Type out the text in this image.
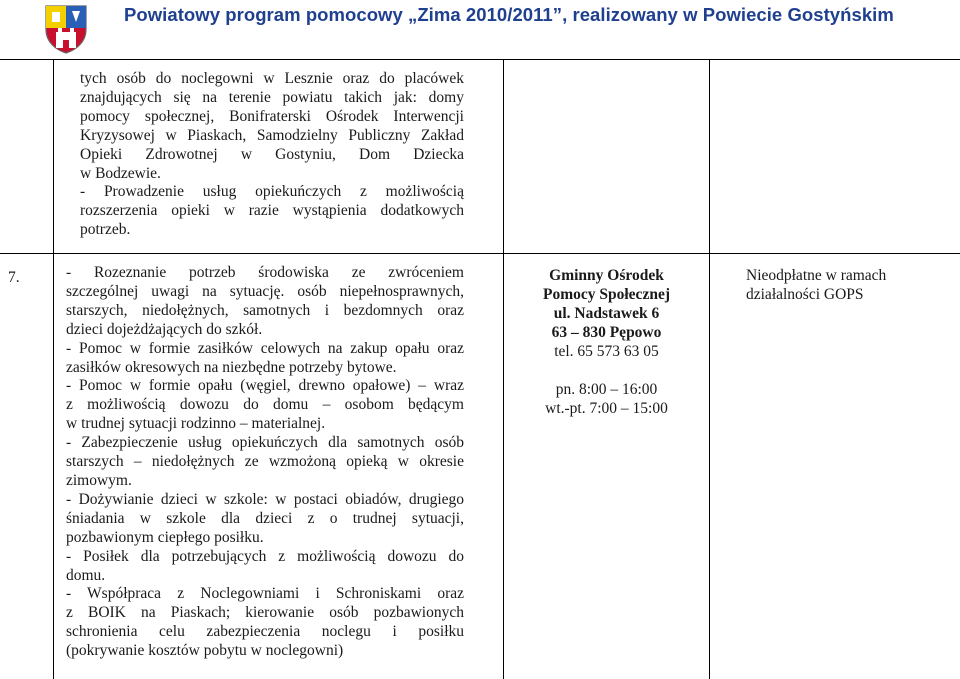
Powiatowy program pomocowy „Zima 2010/2011”, realizowany w Powiecie Gostyńskim

tych osób do noclegowni w Lesznie oraz do placówek

znajdujących się na terenie powiatu takich jak: domy

pomocy społecznej, Bonifraterski Ośrodek Interwencji

Kryzysowej w Piaskach, Samodzielny Publiczny Zakład

Opieki Zdrowotnej w Gostyniu, Dom Dziecka

w Bodzewie.

- Prowadzenie usług opiekuńczych z możliwością

rozszerzenia opieki w razie wystąpienia dodatkowych

potrzeb.

7.	- Rozeznanie potrzeb środowiska ze zwróceniem

szczególnej uwagi na sytuację. osób niepełnosprawnych,

starszych, niedołężnych, samotnych i bezdomnych oraz

dzieci dojeżdżających do szkół.

- Pomoc w formie zasiłków celowych na zakup opału oraz

zasiłków okresowych na niezbędne potrzeby bytowe.

- Pomoc w formie opału (węgiel, drewno opałowe) – wraz

z możliwością dowozu do domu – osobom będącym

w trudnej sytuacji rodzinno – materialnej.

- Zabezpieczenie usług opiekuńczych dla samotnych osób

starszych – niedołężnych ze wzmożoną opieką w okresie

zimowym.

- Dożywianie dzieci w szkole: w postaci obiadów, drugiego

śniadania w szkole dla dzieci z o trudnej sytuacji,

pozbawionym ciepłego posiłku.

- Posiłek dla potrzebujących z możliwością dowozu do

domu.

- Współpraca z Noclegowniami i Schroniskami oraz

z BOIK na Piaskach; kierowanie osób pozbawionych

schronienia celu zabezpieczenia noclegu i posiłku

(pokrywanie kosztów pobytu w noclegowni)

Gminny Ośrodek
Pomocy Społecznej
ul. Nadstawek 6
63 – 830 Pępowo
tel. 65 573 63 05
pn. 8:00 – 16:00
wt.-pt. 7:00 – 15:00
Nieodpłatne w ramach
działalności GOPS
